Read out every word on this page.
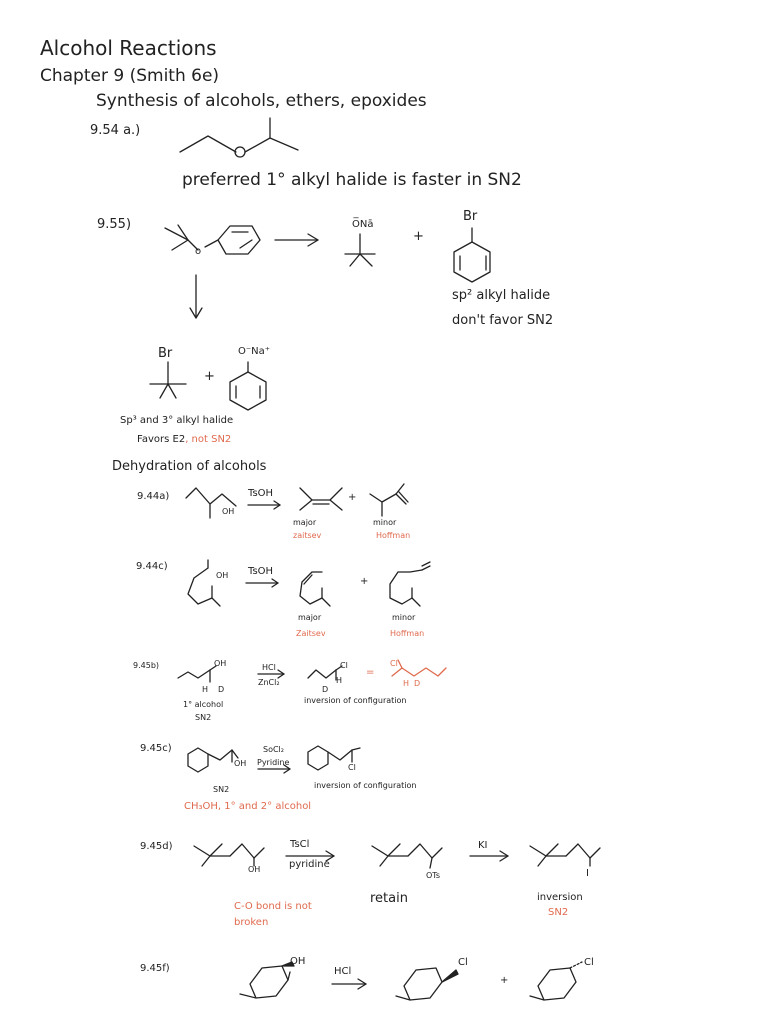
Alcohol Reactions
Chapter 9 (Smith 6e)
Synthesis of alcohols, ethers, epoxides
9.54 a.)
preferred 1° alkyl halide is faster in SN2
9.55)
o
O̅Nā
+
Br
sp² alkyl halide
don't favor SN2
Br	O⁻Na⁺
+
Sp³ and 3° alkyl halide
Favors E2, not SN2
Dehydration of alcohols
9.44a)
OH
TsOH	+
major
zaitsev
minor
Hoffman
9.44c)
OH TsOH
+
major
Zaitsev
minor
Hoffman
9.45b)	OH
H D
HCl
ZnCl₂
Cl
H
D
=
Cl
H D
1° alcohol
SN2
inversion of configuration
9.45c)
OH
SoCl₂
Pyridine
Cl
SN2	inversion of configuration
CH₃OH, 1° and 2° alcohol
9.45d)
OH
TsCl
pyridine
OTs
retain
KI
I
inversion
SN2
C-O bond is not
broken
9.45f)
OH
HCl
Cl
+
Cl
